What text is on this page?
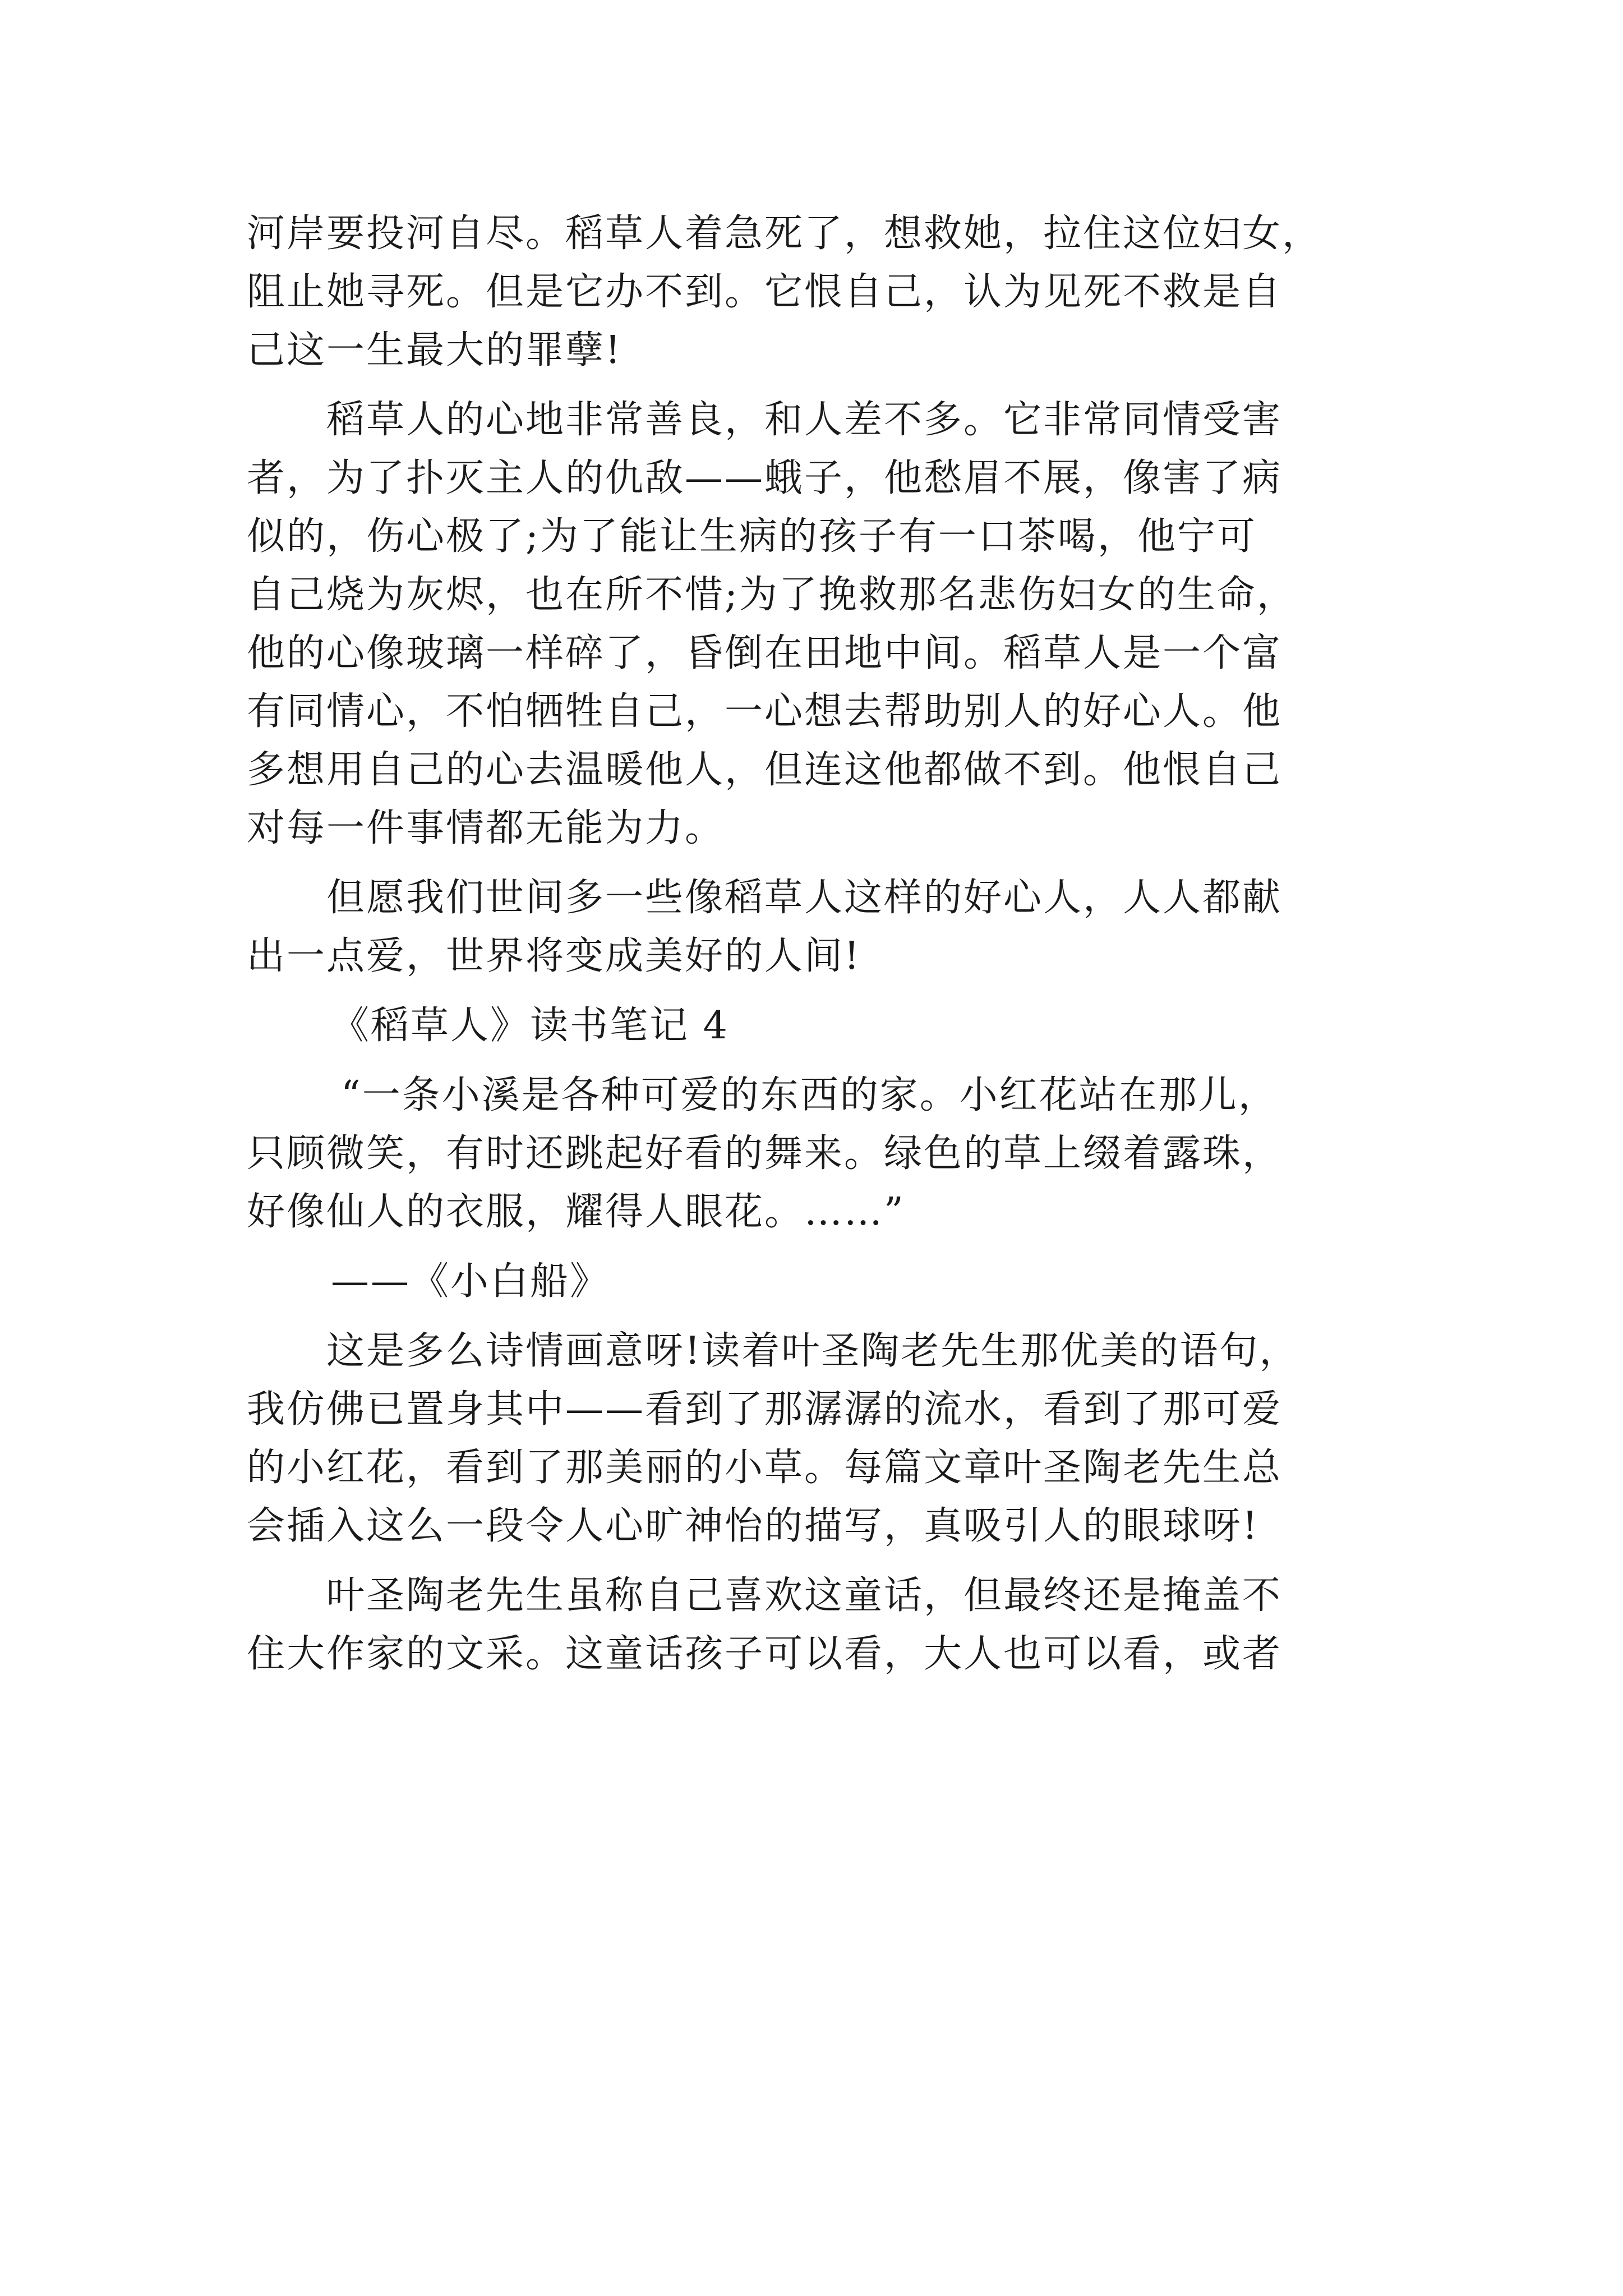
河岸要投河自尽。稻草人着急死了，想救她，拉住这位妇女，
阻止她寻死。但是它办不到。它恨自己，认为见死不救是自
己这一生最大的罪孽!
稻草人的心地非常善良，和人差不多。它非常同情受害
者，为了扑灭主人的仇敌——蛾子，他愁眉不展，像害了病
似的，伤心极了;为了能让生病的孩子有一口茶喝，他宁可
自己烧为灰烬，也在所不惜;为了挽救那名悲伤妇女的生命，
他的心像玻璃一样碎了，昏倒在田地中间。稻草人是一个富
有同情心，不怕牺牲自己，一心想去帮助别人的好心人。他
多想用自己的心去温暖他人，但连这他都做不到。他恨自己
对每一件事情都无能为力。
但愿我们世间多一些像稻草人这样的好心人，人人都献
出一点爱，世界将变成美好的人间!
《稻草人》读书笔记 4
“一条小溪是各种可爱的东西的家。小红花站在那儿，
只顾微笑，有时还跳起好看的舞来。绿色的草上缀着露珠，
好像仙人的衣服，耀得人眼花。……”
——《小白船》
这是多么诗情画意呀!读着叶圣陶老先生那优美的语句，
我仿佛已置身其中——看到了那潺潺的流水，看到了那可爱
的小红花，看到了那美丽的小草。每篇文章叶圣陶老先生总
会插入这么一段令人心旷神怡的描写，真吸引人的眼球呀!
叶圣陶老先生虽称自己喜欢这童话，但最终还是掩盖不
住大作家的文采。这童话孩子可以看，大人也可以看，或者
